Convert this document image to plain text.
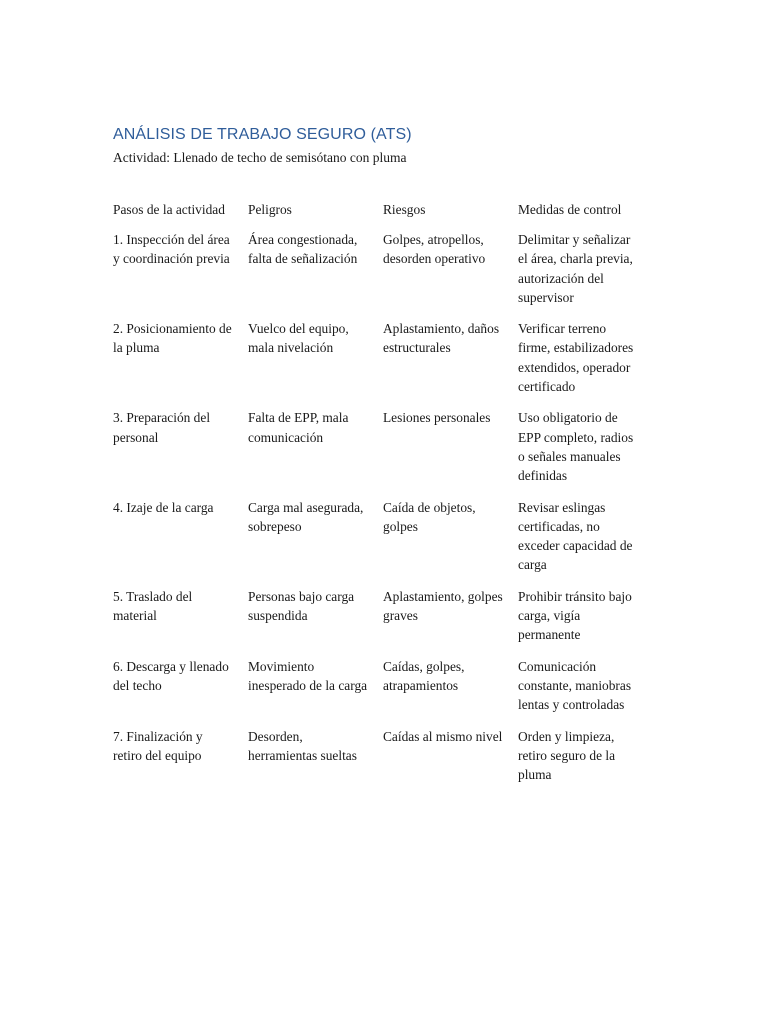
ANÁLISIS DE TRABAJO SEGURO (ATS)
Actividad: Llenado de techo de semisótano con pluma
Pasos de la actividad	Peligros	Riesgos	Medidas de control
1. Inspección del área y coordinación previa	Área congestionada, falta de señalización	Golpes, atropellos, desorden operativo	Delimitar y señalizar el área, charla previa, autorización del supervisor
2. Posicionamiento de la pluma	Vuelco del equipo, mala nivelación	Aplastamiento, daños estructurales	Verificar terreno firme, estabilizadores extendidos, operador certificado
3. Preparación del personal	Falta de EPP, mala comunicación	Lesiones personales	Uso obligatorio de EPP completo, radios o señales manuales definidas
4. Izaje de la carga	Carga mal asegurada, sobrepeso	Caída de objetos, golpes	Revisar eslingas certificadas, no exceder capacidad de carga
5. Traslado del material	Personas bajo carga suspendida	Aplastamiento, golpes graves	Prohibir tránsito bajo carga, vigía permanente
6. Descarga y llenado del techo	Movimiento inesperado de la carga	Caídas, golpes, atrapamientos	Comunicación constante, maniobras lentas y controladas
7. Finalización y retiro del equipo	Desorden, herramientas sueltas	Caídas al mismo nivel	Orden y limpieza, retiro seguro de la pluma
